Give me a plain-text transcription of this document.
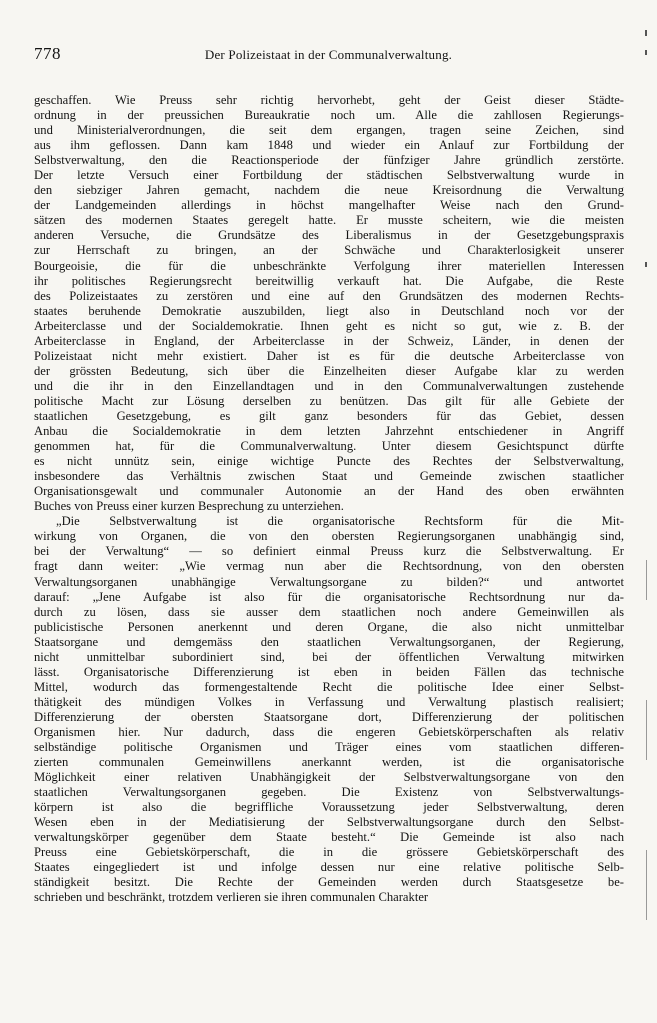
778	Der Polizeistaat in der Communalverwaltung.
geschaffen. Wie Preuss sehr richtig hervorhebt, geht der Geist dieser Städte-
ordnung in der preussichen Bureaukratie noch um. Alle die zahllosen Regierungs-
und Ministerialverordnungen, die seit dem ergangen, tragen seine Zeichen, sind
aus ihm geflossen. Dann kam 1848 und wieder ein Anlauf zur Fortbildung der
Selbstverwaltung, den die Reactionsperiode der fünfziger Jahre gründlich zerstörte.
Der letzte Versuch einer Fortbildung der städtischen Selbstverwaltung wurde in
den siebziger Jahren gemacht, nachdem die neue Kreisordnung die Verwaltung
der Landgemeinden allerdings in höchst mangelhafter Weise nach den Grund-
sätzen des modernen Staates geregelt hatte. Er musste scheitern, wie die meisten
anderen Versuche, die Grundsätze des Liberalismus in der Gesetzgebungspraxis
zur Herrschaft zu bringen, an der Schwäche und Charakterlosigkeit unserer
Bourgeoisie, die für die unbeschränkte Verfolgung ihrer materiellen Interessen
ihr politisches Regierungsrecht bereitwillig verkauft hat. Die Aufgabe, die Reste
des Polizeistaates zu zerstören und eine auf den Grundsätzen des modernen Rechts-
staates beruhende Demokratie auszubilden, liegt also in Deutschland noch vor der
Arbeiterclasse und der Socialdemokratie. Ihnen geht es nicht so gut, wie z. B. der
Arbeiterclasse in England, der Arbeiterclasse in der Schweiz, Länder, in denen der
Polizeistaat nicht mehr existiert. Daher ist es für die deutsche Arbeiterclasse von
der grössten Bedeutung, sich über die Einzelheiten dieser Aufgabe klar zu werden
und die ihr in den Einzellandtagen und in den Communalverwaltungen zustehende
politische Macht zur Lösung derselben zu benützen. Das gilt für alle Gebiete der
staatlichen Gesetzgebung, es gilt ganz besonders für das Gebiet, dessen
Anbau die Socialdemokratie in dem letzten Jahrzehnt entschiedener in Angriff
genommen hat, für die Communalverwaltung. Unter diesem Gesichtspunct dürfte
es nicht unnütz sein, einige wichtige Puncte des Rechtes der Selbstverwaltung,
insbesondere das Verhältnis zwischen Staat und Gemeinde zwischen staatlicher
Organisationsgewalt und communaler Autonomie an der Hand des oben erwähnten
Buches von Preuss einer kurzen Besprechung zu unterziehen.
„Die Selbstverwaltung ist die organisatorische Rechtsform für die Mit-
wirkung von Organen, die von den obersten Regierungsorganen unabhängig sind,
bei der Verwaltung“ — so definiert einmal Preuss kurz die Selbstverwaltung. Er
fragt dann weiter: „Wie vermag nun aber die Rechtsordnung, von den obersten
Verwaltungsorganen unabhängige Verwaltungsorgane zu bilden?“ und antwortet
darauf: „Jene Aufgabe ist also für die organisatorische Rechtsordnung nur da-
durch zu lösen, dass sie ausser dem staatlichen noch andere Gemeinwillen als
publicistische Personen anerkennt und deren Organe, die also nicht unmittelbar
Staatsorgane und demgemäss den staatlichen Verwaltungsorganen, der Regierung,
nicht unmittelbar subordiniert sind, bei der öffentlichen Verwaltung mitwirken
lässt. Organisatorische Differenzierung ist eben in beiden Fällen das technische
Mittel, wodurch das formengestaltende Recht die politische Idee einer Selbst-
thätigkeit des mündigen Volkes in Verfassung und Verwaltung plastisch realisiert;
Differenzierung der obersten Staatsorgane dort, Differenzierung der politischen
Organismen hier. Nur dadurch, dass die engeren Gebietskörperschaften als relativ
selbständige politische Organismen und Träger eines vom staatlichen differen-
zierten communalen Gemeinwillens anerkannt werden, ist die organisatorische
Möglichkeit einer relativen Unabhängigkeit der Selbstverwaltungsorgane von den
staatlichen Verwaltungsorganen gegeben. Die Existenz von Selbstverwaltungs-
körpern ist also die begriffliche Voraussetzung jeder Selbstverwaltung, deren
Wesen eben in der Mediatisierung der Selbstverwaltungsorgane durch den Selbst-
verwaltungskörper gegenüber dem Staate besteht.“ Die Gemeinde ist also nach
Preuss eine Gebietskörperschaft, die in die grössere Gebietskörperschaft des
Staates eingegliedert ist und infolge dessen nur eine relative politische Selb-
ständigkeit besitzt. Die Rechte der Gemeinden werden durch Staatsgesetze be-
schrieben und beschränkt, trotzdem verlieren sie ihren communalen Charakter
